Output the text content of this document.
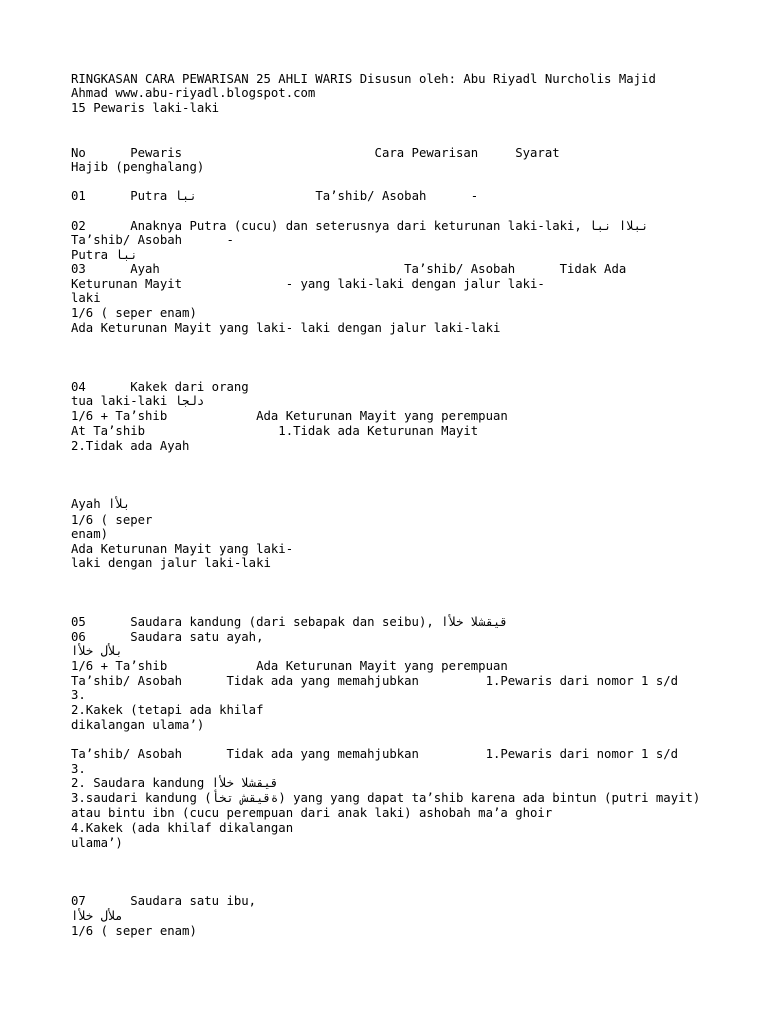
RINGKASAN CARA PEWARISAN 25 AHLI WARIS Disusun oleh: Abu Riyadl Nurcholis Majid

Ahmad www.abu-riyadl.blogspot.com

15 Pewaris laki-laki

No      Pewaris                          Cara Pewarisan     Syarat

Hajib (penghalang)

01      Putra نبا                Ta’shib/ Asobah      -

02      Anaknya Putra (cucu) dan seterusnya dari keturunan laki-laki, نبلاا نبا

Ta’shib/ Asobah      -

Putra نبا

03      Ayah                                 Ta’shib/ Asobah      Tidak Ada

Keturunan Mayit              - yang laki-laki dengan jalur laki-

laki

1/6 ( seper enam)

Ada Keturunan Mayit yang laki- laki dengan jalur laki-laki

04      Kakek dari orang

tua laki-laki دلجا

1/6 + Ta’shib            Ada Keturunan Mayit yang perempuan

At Ta’shib                  1.Tidak ada Keturunan Mayit

2.Tidak ada Ayah

Ayah بلأا

1/6 ( seper

enam)

Ada Keturunan Mayit yang laki-

laki dengan jalur laki-laki

05      Saudara kandung (dari sebapak dan seibu), قيقشلا خلأا

06      Saudara satu ayah,

بلأل خلأا

1/6 + Ta’shib            Ada Keturunan Mayit yang perempuan

Ta’shib/ Asobah      Tidak ada yang memahjubkan         1.Pewaris dari nomor 1 s/d

3.

2.Kakek (tetapi ada khilaf

dikalangan ulama’)

Ta’shib/ Asobah      Tidak ada yang memahjubkan         1.Pewaris dari nomor 1 s/d

3.

2. Saudara kandung قيقشلا خلأا

3.saudari kandung (ةقيقش تخأ) yang yang dapat ta’shib karena ada bintun (putri mayit)

atau bintu ibn (cucu perempuan dari anak laki) ashobah ma’a ghoir

4.Kakek (ada khilaf dikalangan

ulama’)

07      Saudara satu ibu,

ملأل خلأا

1/6 ( seper enam)
